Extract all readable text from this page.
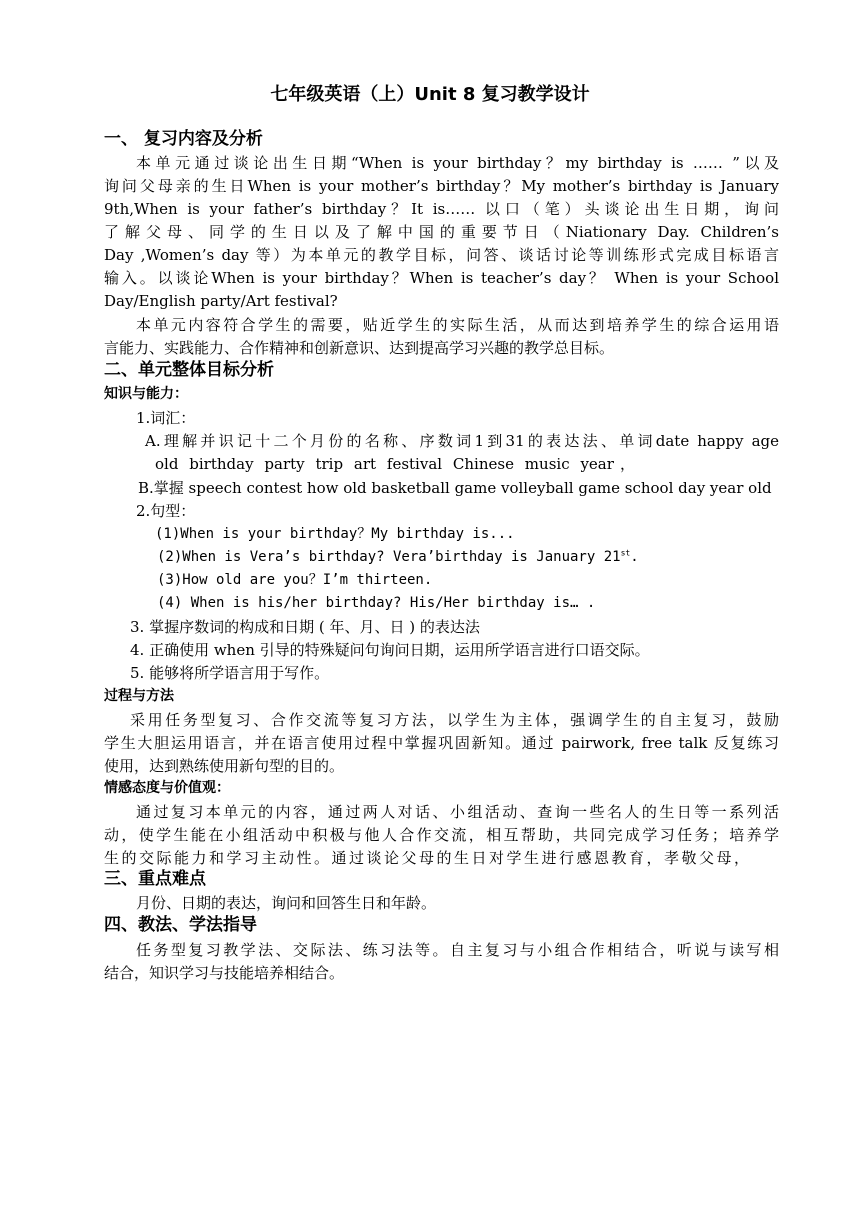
七年级英语（上）Unit 8 复习教学设计
一、 复习内容及分析
本单元通过谈论出生日期“When is your birthday？my birthday is …… ”以及
询问父母亲的生日When is your mother’s birthday？My mother’s birthday is January
9th,When is your father’s birthday？It is…… 以口（笔）头谈论出生日期，询问
了解父母、同学的生日以及了解中国的重要节日（Niationary Day. Children’s
Day ,Women’s day 等）为本单元的教学目标，问答、谈话讨论等训练形式完成目标语言
输入。以谈论When is your birthday？When is teacher’s day？ When is your School
Day/English party/Art festival?
本单元内容符合学生的需要，贴近学生的实际生活，从而达到培养学生的综合运用语
言能力、实践能力、合作精神和创新意识、达到提高学习兴趣的教学总目标。
二、单元整体目标分析
知识与能力：
1.词汇：
A.理解并识记十二个月份的名称、序数词1到31的表达法、单词date happy age
old birthday party trip art festival Chinese music year，
B.掌握 speech contest how old basketball game volleyball game school day year old
2.句型：
(1)When is your birthday？My birthday is...
(2)When is Vera’s birthday? Vera’birthday is January 21st.
(3)How old are you？I’m thirteen.
(4) When is his/her birthday? His/Her birthday is… .
3. 掌握序数词的构成和日期 ( 年、月、日 ) 的表达法
4. 正确使用 when 引导的特殊疑问句询问日期，运用所学语言进行口语交际。
5. 能够将所学语言用于写作。
过程与方法
采用任务型复习、合作交流等复习方法，以学生为主体，强调学生的自主复习，鼓励
学生大胆运用语言，并在语言使用过程中掌握巩固新知。通过 pairwork, free talk 反复练习
使用，达到熟练使用新句型的目的。
情感态度与价值观：
通过复习本单元的内容，通过两人对话、小组活动、查询一些名人的生日等一系列活
动，使学生能在小组活动中积极与他人合作交流，相互帮助，共同完成学习任务；培养学
生的交际能力和学习主动性。通过谈论父母的生日对学生进行感恩教育，孝敬父母，
三、重点难点
月份、日期的表达，询问和回答生日和年龄。
四、教法、学法指导
任务型复习教学法、交际法、练习法等。自主复习与小组合作相结合，听说与读写相
结合，知识学习与技能培养相结合。
